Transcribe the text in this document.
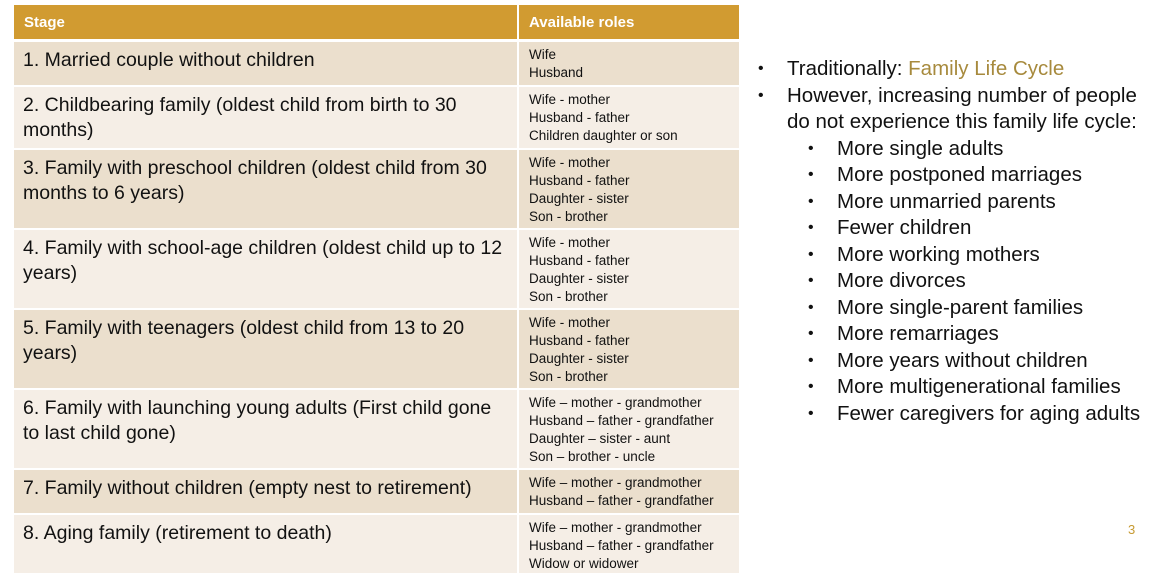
Stage	Available roles
1. Married couple without children	Wife
Husband

2. Childbearing family (oldest child from birth to 30 months)	Wife - mother
Husband - father
Children daughter or son

3. Family with preschool children (oldest child from 30 months to 6 years)	Wife - mother
Husband - father
Daughter - sister
Son - brother

4. Family with school-age children (oldest child up to 12 years)	Wife - mother
Husband - father
Daughter - sister
Son - brother

5. Family with teenagers (oldest child from 13 to 20 years)	Wife - mother
Husband - father
Daughter - sister
Son - brother

6. Family with launching young adults (First child gone to last child gone)	Wife – mother - grandmother
Husband – father - grandfather
Daughter – sister - aunt
Son – brother - uncle

7. Family without children (empty nest to retirement)	Wife – mother - grandmother
Husband – father - grandfather

8. Aging family (retirement to death)	Wife – mother - grandmother
Husband – father - grandfather
Widow or widower
• Traditionally: Family Life Cycle
• However, increasing number of people
do not experience this family life cycle:
• More single adults
• More postponed marriages
• More unmarried parents
• Fewer children
• More working mothers
• More divorces
• More single-parent families
• More remarriages
• More years without children
• More multigenerational families
• Fewer caregivers for aging adults
3
